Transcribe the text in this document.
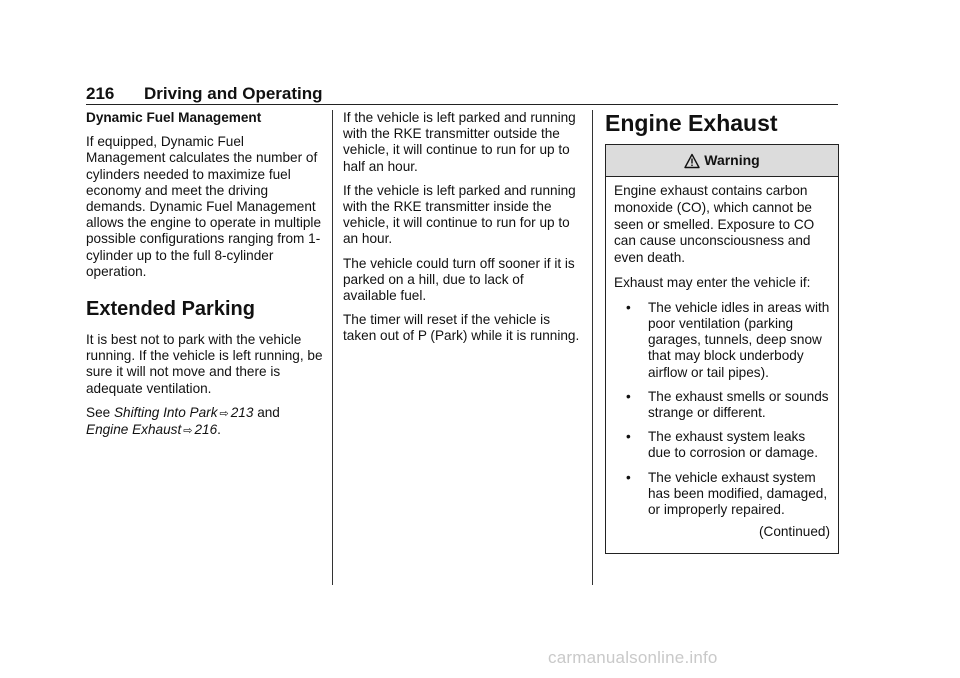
216 Driving and Operating
Dynamic Fuel Management

If equipped, Dynamic Fuel Management calculates the number of cylinders needed to maximize fuel economy and meet the driving demands. Dynamic Fuel Management allows the engine to operate in multiple possible configurations ranging from 1-cylinder up to the full 8-cylinder operation.

Extended Parking

It is best not to park with the vehicle running. If the vehicle is left running, be sure it will not move and there is adequate ventilation.

See Shifting Into Park ⇨ 213 and Engine Exhaust ⇨ 216.

If the vehicle is left parked and running with the RKE transmitter outside the vehicle, it will continue to run for up to half an hour.

If the vehicle is left parked and running with the RKE transmitter inside the vehicle, it will continue to run for up to an hour.

The vehicle could turn off sooner if it is parked on a hill, due to lack of available fuel.

The timer will reset if the vehicle is taken out of P (Park) while it is running.

Engine Exhaust
Warning

Engine exhaust contains carbon monoxide (CO), which cannot be seen or smelled. Exposure to CO can cause unconsciousness and even death.

Exhaust may enter the vehicle if:

•	The vehicle idles in areas with poor ventilation (parking garages, tunnels, deep snow that may block underbody airflow or tail pipes).
•	The exhaust smells or sounds strange or different.
•	The exhaust system leaks due to corrosion or damage.
•	The vehicle exhaust system has been modified, damaged, or improperly repaired.

(Continued)

carmanualsonline.info
